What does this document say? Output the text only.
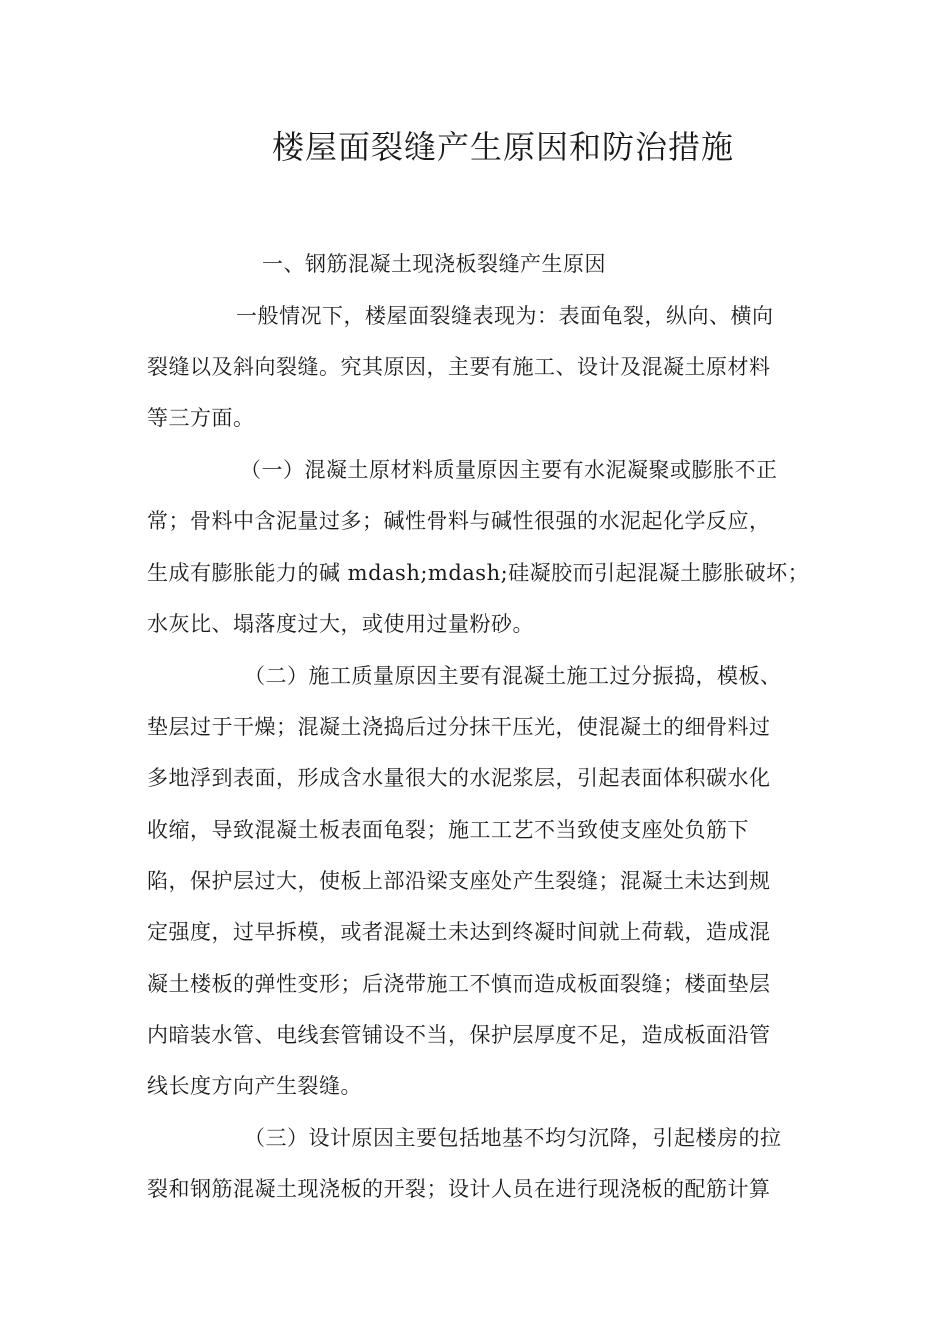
楼屋面裂缝产生原因和防治措施
一、钢筋混凝土现浇板裂缝产生原因
一般情况下，楼屋面裂缝表现为：表面龟裂，纵向、横向
裂缝以及斜向裂缝。究其原因，主要有施工、设计及混凝土原材料
等三方面。
（一）混凝土原材料质量原因主要有水泥凝聚或膨胀不正
常；骨料中含泥量过多；碱性骨料与碱性很强的水泥起化学反应，
生成有膨胀能力的碱 mdash;mdash;硅凝胶而引起混凝土膨胀破坏；
水灰比、塌落度过大，或使用过量粉砂。
（二）施工质量原因主要有混凝土施工过分振捣，模板、
垫层过于干燥；混凝土浇捣后过分抹干压光，使混凝土的细骨料过
多地浮到表面，形成含水量很大的水泥浆层，引起表面体积碳水化
收缩，导致混凝土板表面龟裂；施工工艺不当致使支座处负筋下
陷，保护层过大，使板上部沿梁支座处产生裂缝；混凝土未达到规
定强度，过早拆模，或者混凝土未达到终凝时间就上荷载，造成混
凝土楼板的弹性变形；后浇带施工不慎而造成板面裂缝；楼面垫层
内暗装水管、电线套管铺设不当，保护层厚度不足，造成板面沿管
线长度方向产生裂缝。
（三）设计原因主要包括地基不均匀沉降，引起楼房的拉
裂和钢筋混凝土现浇板的开裂；设计人员在进行现浇板的配筋计算
